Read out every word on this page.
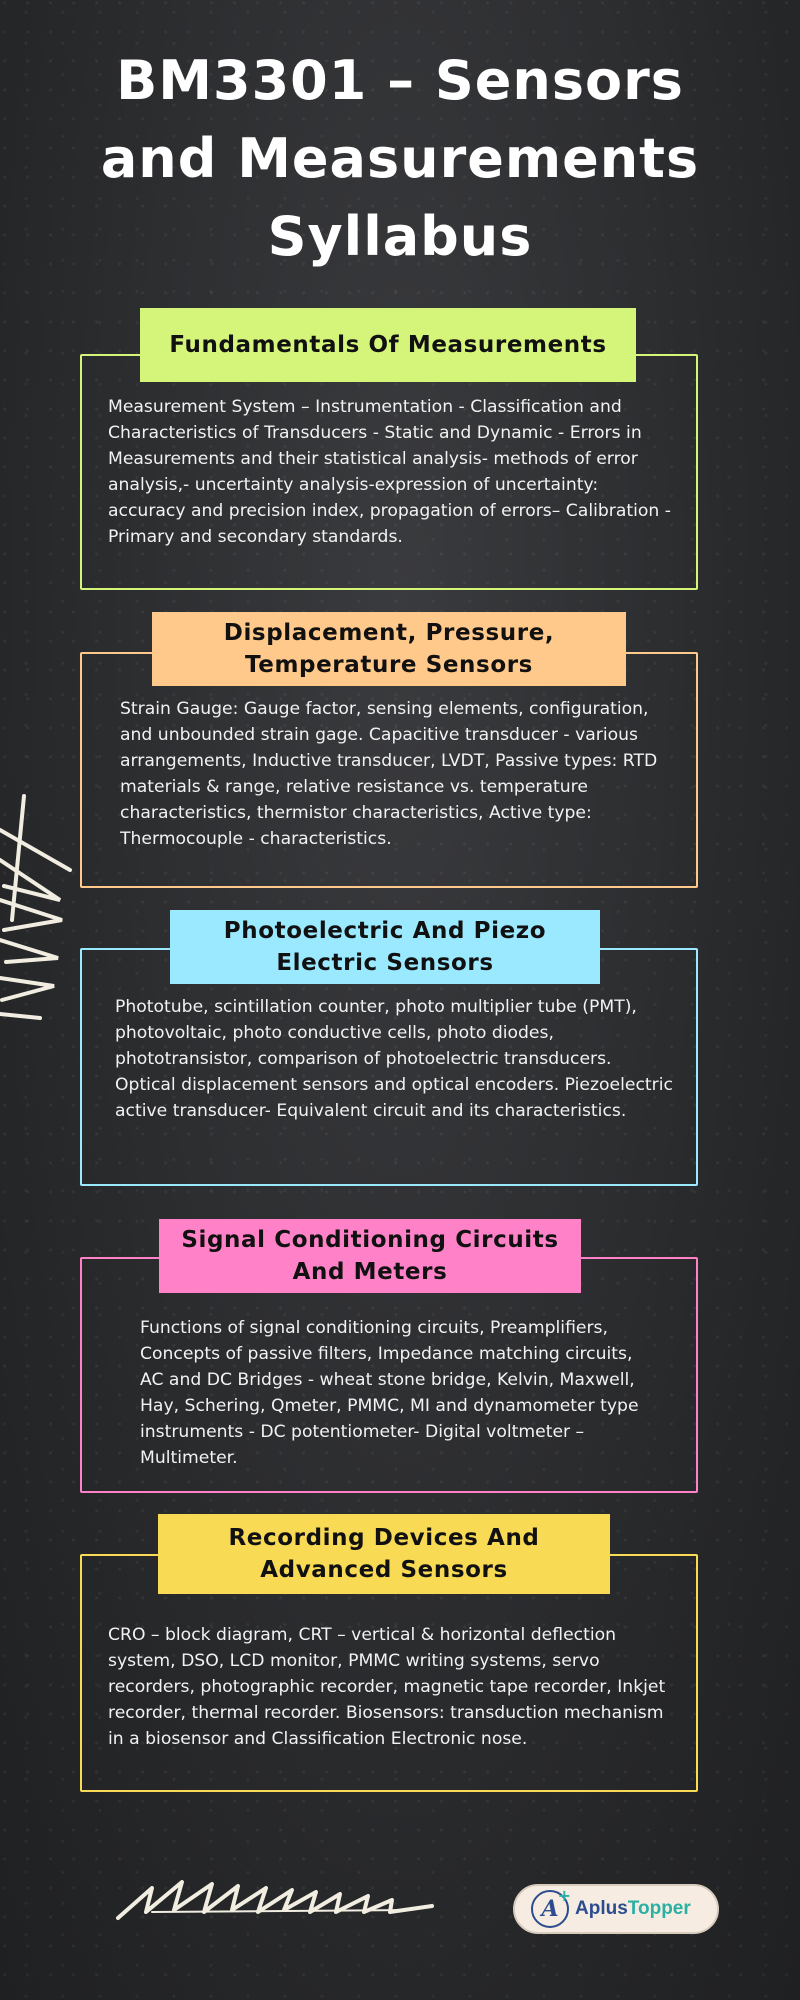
BM3301 – Sensors and Measurements Syllabus
Fundamentals Of Measurements
Measurement System – Instrumentation - Classification and Characteristics of Transducers - Static and Dynamic - Errors in Measurements and their statistical analysis- methods of error analysis,- uncertainty analysis-expression of uncertainty: accuracy and precision index, propagation of errors– Calibration - Primary and secondary standards.
Displacement, Pressure, Temperature Sensors
Strain Gauge: Gauge factor, sensing elements, configuration, and unbounded strain gage. Capacitive transducer - various arrangements, Inductive transducer, LVDT, Passive types: RTD materials & range, relative resistance vs. temperature characteristics, thermistor characteristics, Active type: Thermocouple - characteristics.
Photoelectric And Piezo Electric Sensors
Phototube, scintillation counter, photo multiplier tube (PMT), photovoltaic, photo conductive cells, photo diodes, phototransistor, comparison of photoelectric transducers. Optical displacement sensors and optical encoders. Piezoelectric active transducer- Equivalent circuit and its characteristics.
Signal Conditioning Circuits And Meters
Functions of signal conditioning circuits, Preamplifiers, Concepts of passive filters, Impedance matching circuits, AC and DC Bridges - wheat stone bridge, Kelvin, Maxwell, Hay, Schering, Qmeter, PMMC, MI and dynamometer type instruments - DC potentiometer- Digital voltmeter – Multimeter.
Recording Devices And Advanced Sensors
CRO – block diagram, CRT – vertical & horizontal deflection system, DSO, LCD monitor, PMMC writing systems, servo recorders, photographic recorder, magnetic tape recorder, Inkjet recorder, thermal recorder. Biosensors: transduction mechanism in a biosensor and Classification Electronic nose.
A
+
AplusTopper
